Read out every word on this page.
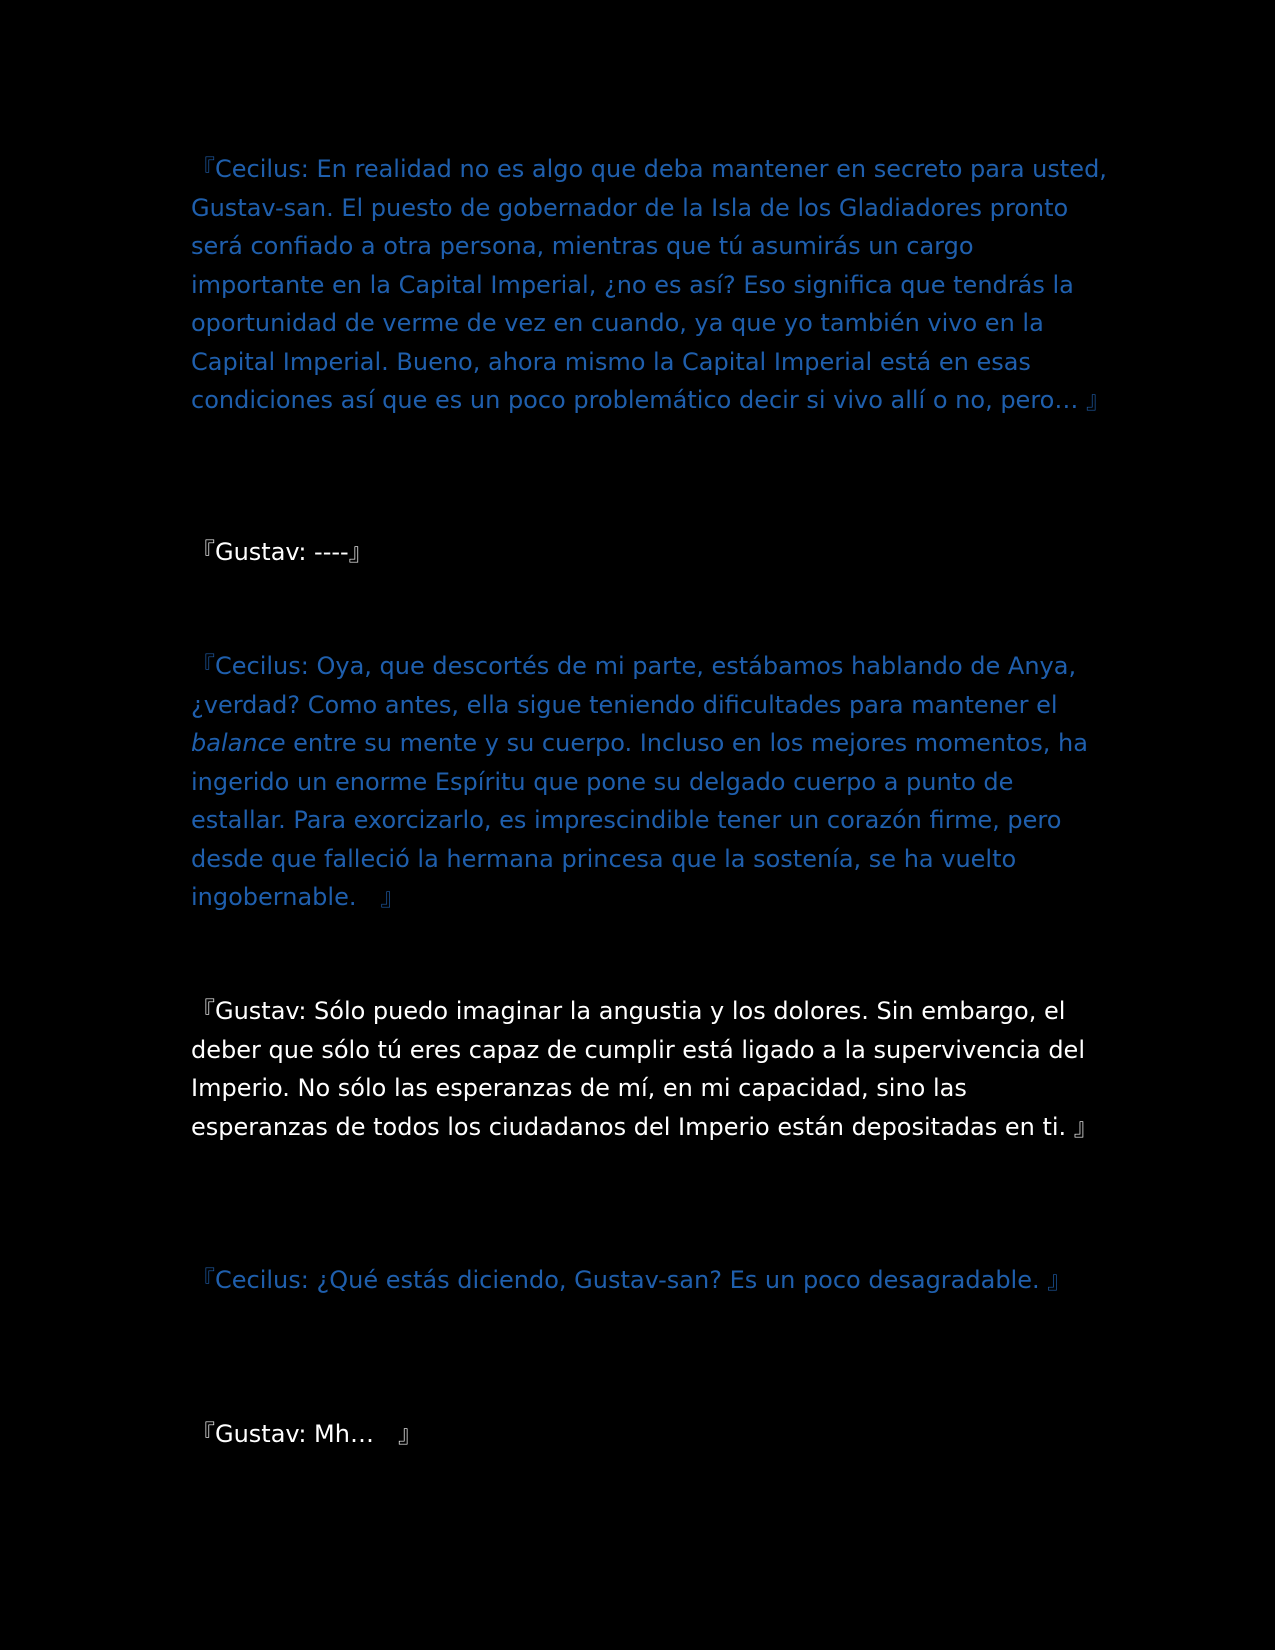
『Cecilus: En realidad no es algo que deba mantener en secreto para usted, Gustav-san. El puesto de gobernador de la Isla de los Gladiadores pronto será confiado a otra persona, mientras que tú asumirás un cargo importante en la Capital Imperial, ¿no es así? Eso significa que tendrás la oportunidad de verme de vez en cuando, ya que yo también vivo en la Capital Imperial. Bueno, ahora mismo la Capital Imperial está en esas condiciones así que es un poco problemático decir si vivo allí o no, pero… 』

『Gustav: ----』

『Cecilus: Oya, que descortés de mi parte, estábamos hablando de Anya, ¿verdad? Como antes, ella sigue teniendo dificultades para mantener el balance entre su mente y su cuerpo. Incluso en los mejores momentos, ha ingerido un enorme Espíritu que pone su delgado cuerpo a punto de estallar. Para exorcizarlo, es imprescindible tener un corazón firme, pero desde que falleció la hermana princesa que la sostenía, se ha vuelto ingobernable.　』

『Gustav: Sólo puedo imaginar la angustia y los dolores. Sin embargo, el deber que sólo tú eres capaz de cumplir está ligado a la supervivencia del Imperio. No sólo las esperanzas de mí, en mi capacidad, sino las esperanzas de todos los ciudadanos del Imperio están depositadas en ti. 』

『Cecilus: ¿Qué estás diciendo, Gustav-san? Es un poco desagradable. 』

『Gustav: Mh…　』
